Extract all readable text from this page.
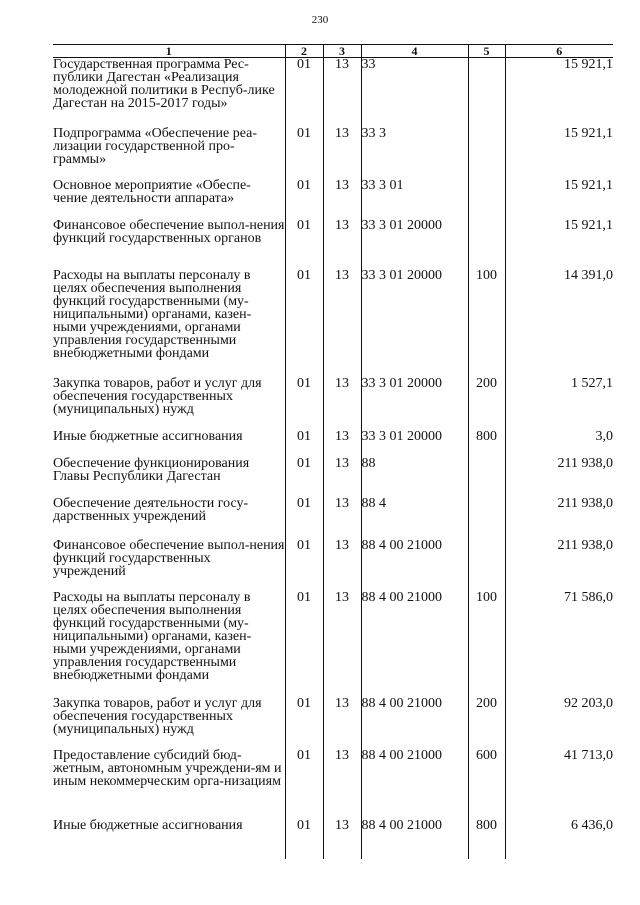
230
1	2	3	4	5	6
Государственная программа Рес-публики Дагестан «Реализация молодежной политики в Респуб-лике Дагестан на 2015-2017 годы»	01	13	33		15 921,1
Подпрограмма «Обеспечение реа-лизации государственной про-граммы»	01	13	33 3		15 921,1
Основное мероприятие «Обеспе-чение деятельности аппарата»	01	13	33 3 01		15 921,1
Финансовое обеспечение выпол-нения функций государственных органов	01	13	33 3 01 20000		15 921,1
Расходы на выплаты персоналу в целях обеспечения выполнения функций государственными (му-ниципальными) органами, казен-ными учреждениями, органами управления государственными внебюджетными фондами	01	13	33 3 01 20000	100	14 391,0
Закупка товаров, работ и услуг для обеспечения государственных (муниципальных) нужд	01	13	33 3 01 20000	200	1 527,1
Иные бюджетные ассигнования	01	13	33 3 01 20000	800	3,0
Обеспечение функционирования Главы Республики Дагестан	01	13	88		211 938,0
Обеспечение деятельности госу-дарственных учреждений	01	13	88 4		211 938,0
Финансовое обеспечение выпол-нения функций государственных учреждений	01	13	88 4 00 21000		211 938,0
Расходы на выплаты персоналу в целях обеспечения выполнения функций государственными (му-ниципальными) органами, казен-ными учреждениями, органами управления государственными внебюджетными фондами	01	13	88 4 00 21000	100	71 586,0
Закупка товаров, работ и услуг для обеспечения государственных (муниципальных) нужд	01	13	88 4 00 21000	200	92 203,0
Предоставление субсидий бюд-жетным, автономным учреждени-ям и иным некоммерческим орга-низациям	01	13	88 4 00 21000	600	41 713,0
Иные бюджетные ассигнования	01	13	88 4 00 21000	800	6 436,0
